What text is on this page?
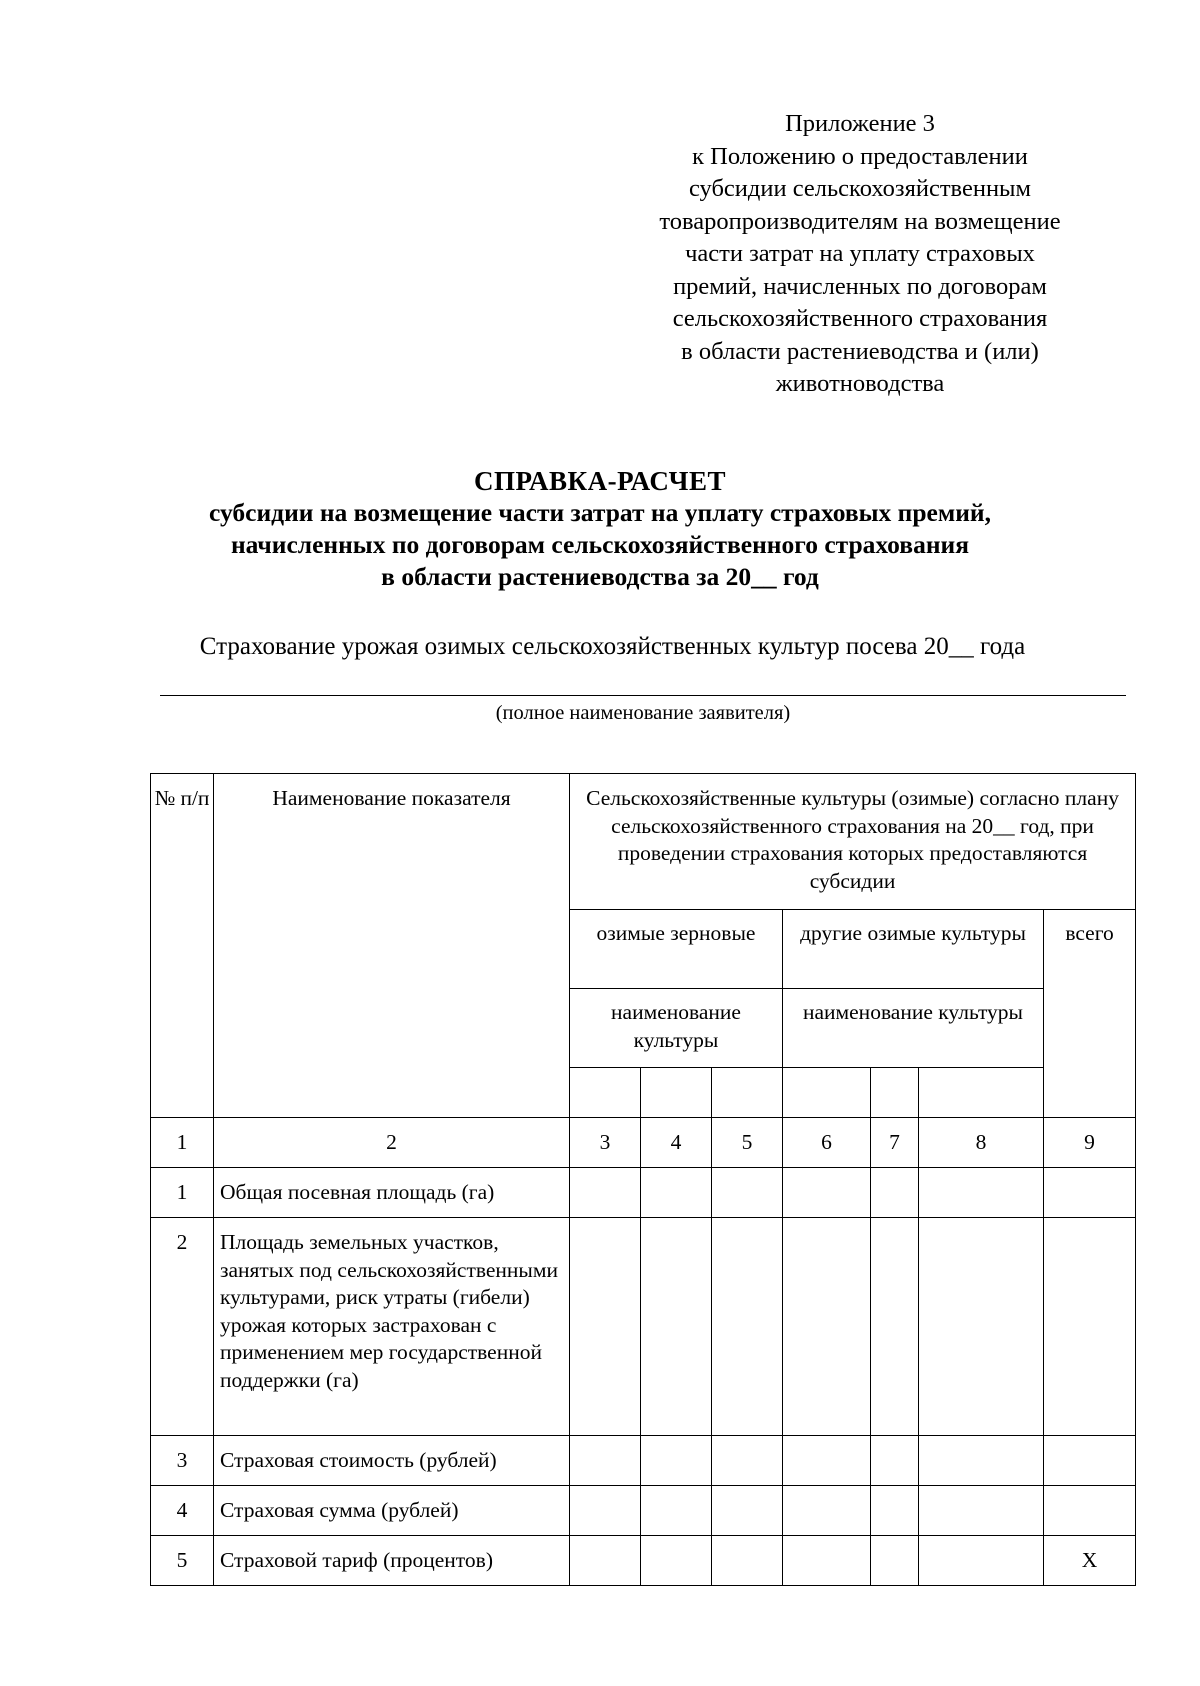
Приложение 3
к Положению о предоставлении
субсидии сельскохозяйственным
товаропроизводителям на возмещение
части затрат на уплату страховых
премий, начисленных по договорам
сельскохозяйственного страхования
в области растениеводства и (или)
животноводства
СПРАВКА-РАСЧЕТ
субсидии на возмещение части затрат на уплату страховых премий,
начисленных по договорам сельскохозяйственного страхования
в области растениеводства за 20__ год
Страхование урожая озимых сельскохозяйственных культур посева 20__ года
(полное наименование заявителя)
№ п/п	Наименование показателя	Сельскохозяйственные культуры (озимые) согласно плану сельскохозяйственного страхования на 20__ год, при проведении страхования которых предоставляются субсидии						
		озимые зерновые			другие озимые культуры			всего
		наименование культуры			наименование культуры			

1	2	3	4	5	6	7	8	9
1	Общая посевная площадь (га)							
2	Площадь земельных участков, занятых под сельскохозяйственными культурами, риск утраты (гибели) урожая которых застрахован с применением мер государственной поддержки (га)							
3	Страховая стоимость (рублей)							
4	Страховая сумма (рублей)							
5	Страховой тариф (процентов)							X
